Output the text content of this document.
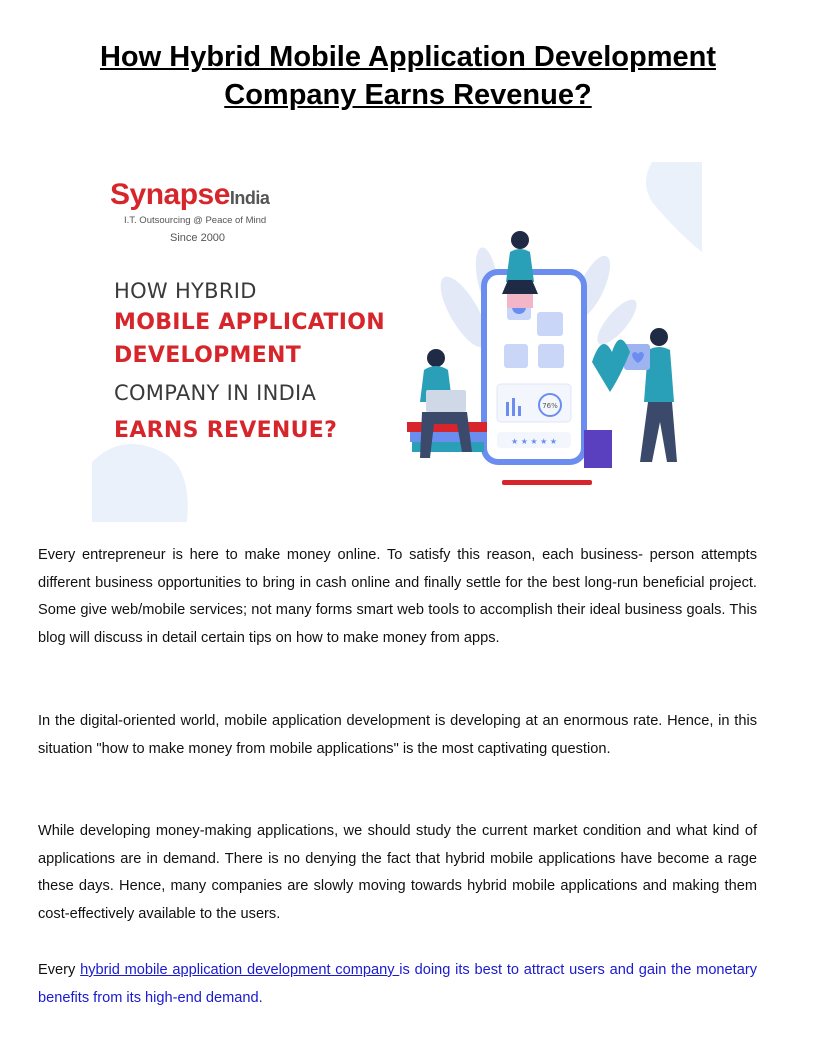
How Hybrid Mobile Application Development
Company Earns Revenue?
76%
★ ★ ★ ★ ★
SynapseIndia
I.T. Outsourcing @ Peace of Mind
Since 2000
HOW HYBRID
MOBILE APPLICATION
DEVELOPMENT
COMPANY IN INDIA
EARNS REVENUE?

Every entrepreneur is here to make money online. To satisfy this reason, each business- person attempts different business opportunities to bring in cash online and finally settle for the best long-run beneficial project. Some give web/mobile services; not many forms smart web tools to accomplish their ideal business goals. This blog will discuss in detail certain tips on how to make money from apps.

In the digital-oriented world, mobile application development is developing at an enormous rate. Hence, in this situation "how to make money from mobile applications" is the most captivating question.

While developing money-making applications, we should study the current market condition and what kind of applications are in demand. There is no denying the fact that hybrid mobile applications have become a rage these days. Hence, many companies are slowly moving towards hybrid mobile applications and making them cost-effectively available to the users.

Every hybrid mobile application development company is doing its best to attract users and gain the monetary benefits from its high-end demand.
